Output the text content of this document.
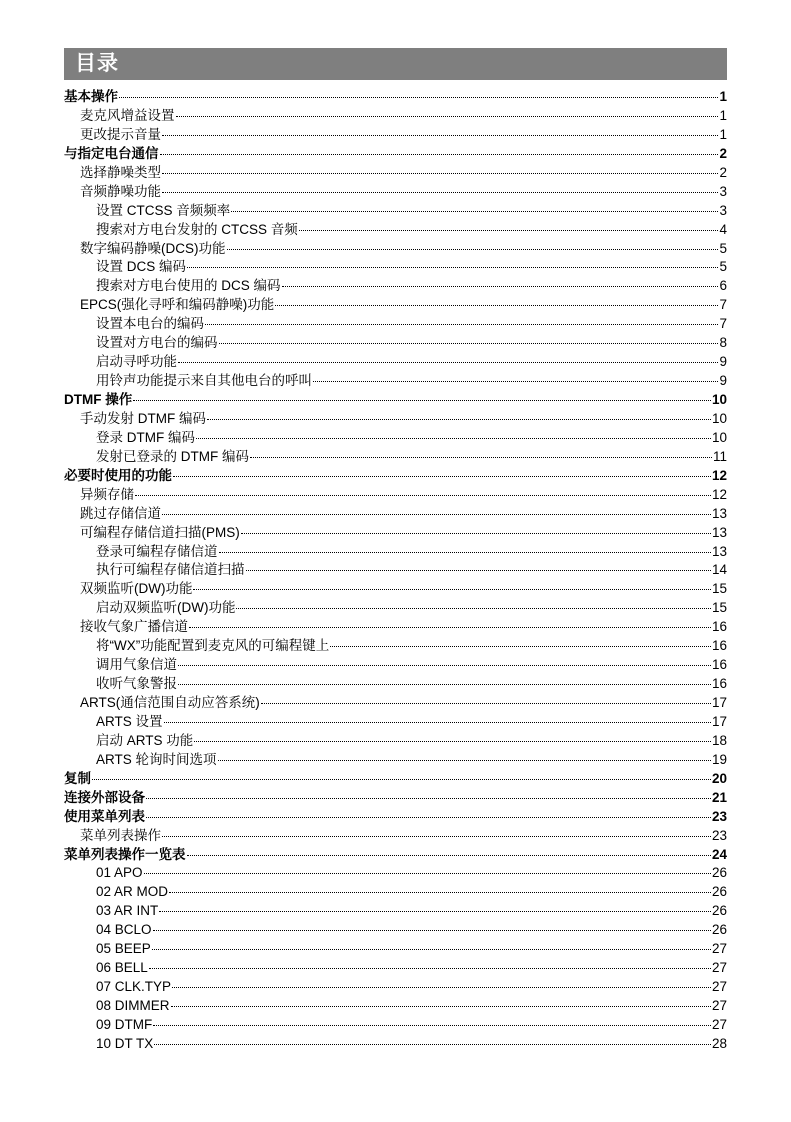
目录
基本操作	1
麦克风增益设置	1
更改提示音量	1
与指定电台通信	2
选择静噪类型	2
音频静噪功能	3
设置 CTCSS 音频频率	3
搜索对方电台发射的 CTCSS 音频	4
数字编码静噪(DCS)功能	5
设置 DCS 编码	5
搜索对方电台使用的 DCS 编码	6
EPCS(强化寻呼和编码静噪)功能	7
设置本电台的编码	7
设置对方电台的编码	8
启动寻呼功能	9
用铃声功能提示来自其他电台的呼叫	9
DTMF 操作	10
手动发射 DTMF 编码	10
登录 DTMF 编码	10
发射已登录的 DTMF 编码	11
必要时使用的功能	12
异频存储	12
跳过存储信道	13
可编程存储信道扫描(PMS)	13
登录可编程存储信道	13
执行可编程存储信道扫描	14
双频监听(DW)功能	15
启动双频监听(DW)功能	15
接收气象广播信道	16
将“WX”功能配置到麦克风的可编程键上	16
调用气象信道	16
收听气象警报	16
ARTS(通信范围自动应答系统)	17
ARTS 设置	17
启动 ARTS 功能	18
ARTS 轮询时间选项	19
复制	20
连接外部设备	21
使用菜单列表	23
菜单列表操作	23
菜单列表操作一览表	24
01 APO	26
02 AR MOD	26
03 AR INT	26
04 BCLO	26
05 BEEP	27
06 BELL	27
07 CLK.TYP	27
08 DIMMER	27
09 DTMF	27
10 DT TX	28
